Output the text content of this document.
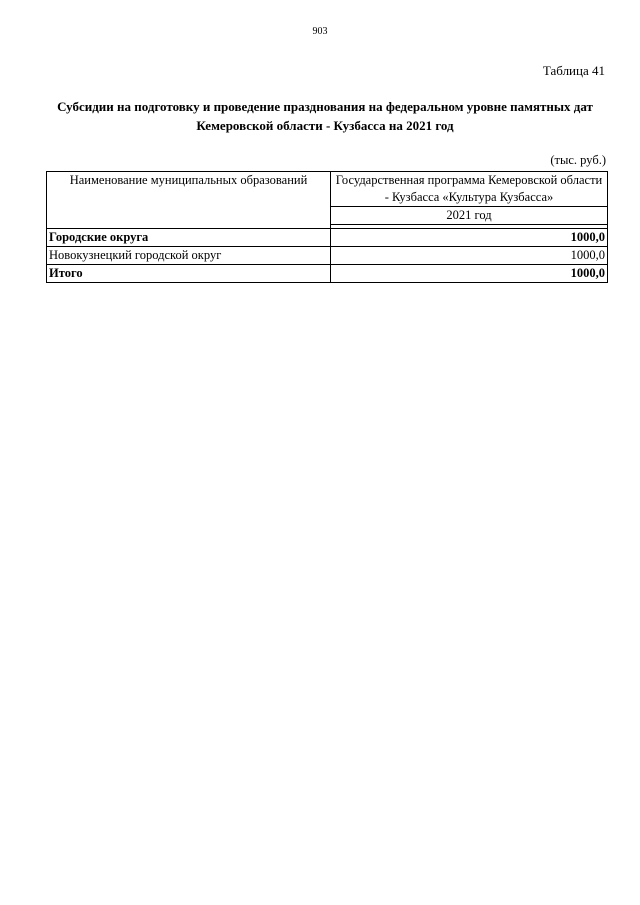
903
Таблица 41
Субсидии на подготовку и проведение празднования на федеральном уровне памятных дат Кемеровской области - Кузбасса на 2021 год
(тыс. руб.)
Наименование муниципальных образований	Государственная программа Кемеровской области - Кузбасса «Культура Кузбасса»
	2021 год

Городские округа	1000,0
Новокузнецкий городской округ	1000,0
Итого	1000,0
